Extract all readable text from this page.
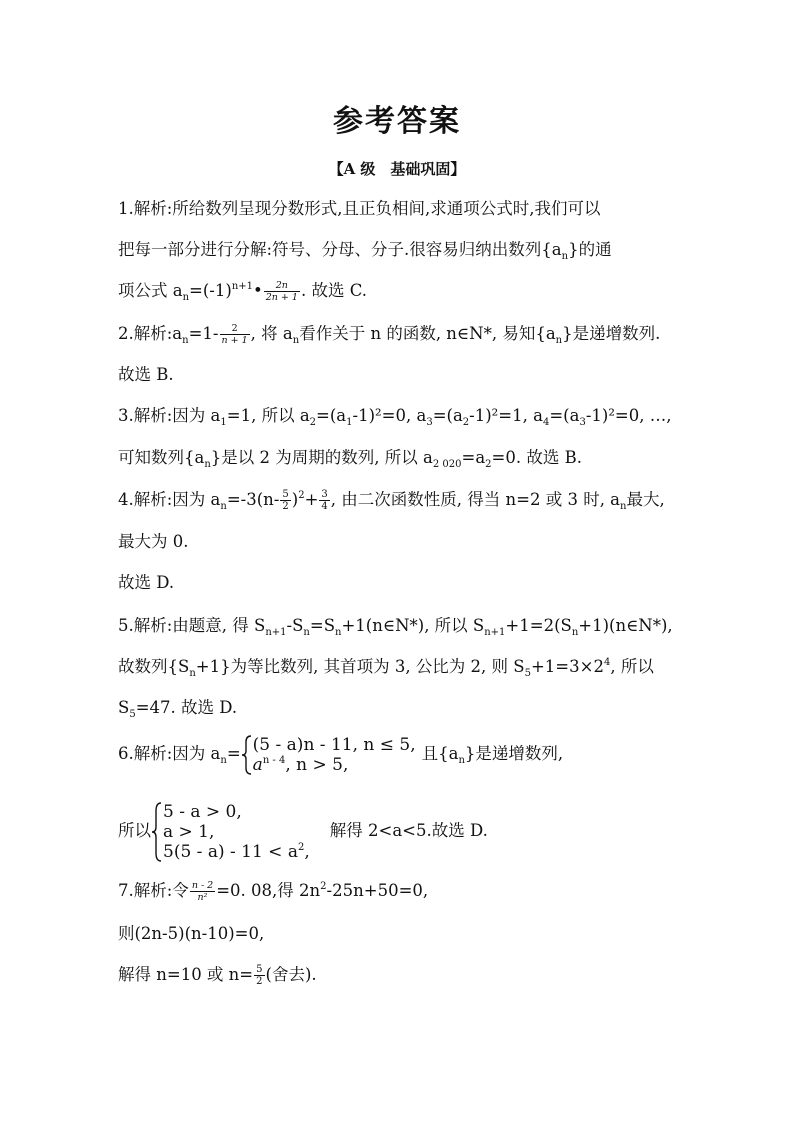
参考答案
【A 级　基础巩固】
1.解析:所给数列呈现分数形式,且正负相间,求通项公式时,我们可以
把每一部分进行分解:符号、分母、分子.很容易归纳出数列$\{a_n\}$的通
项公式 $a_n=(-1)^{n+1}• \frac{2n}{2n + 1}$ . 故选 C.
2.解析$:a_n=1- \frac{2}{n + 1}$ , 将 $a_n$看作关于 n 的函数, n∈N*, 易知$\{a_n\}$是递增数列.
故选 B.
3.解析:因为 $a_1=1$, 所以 $a_2=(a_1-1)^2=0$, $a_3=(a_2-1)^2=1$, $a_4=(a_3-1)^2=0$, …,
可知数列$\{a_n\}$是以 2 为周期的数列, 所以 $a_{2 020}=a_2=0$. 故选 B.
4.解析:因为 $a_n=-3(n- \frac{5}{2} )^2+ \frac{3}{4}$ , 由二次函数性质, 得当 n=2 或 3 时, $a_n$最大,
最大为 0.
故选 D.
5.解析:由题意, 得 $S_{n+1}-S_n=S_n+1(n\in N*)$, 所以 $S_{n+1}+1=2(S_n+1)(n\in N*)$,
故数列$\{S_n+1\}$为等比数列, 其首项为 3, 公比为 2, 则 $S_5+1=3\times 2^4$, 所以
$S_5=47$. 故选 D.
6.解析:因为 $a_n= (5 - a)n - 11$, n ≤ 5,
$a^{n - 4}$, n > 5,
且$\{a_n\}$是递增数列,
所以
5 - a > 0,
a > 1,
$5(5 - a) - 11 < a^2$,
解得 2<a<5.故选 D.
7.解析:令 $\frac{n - 2}{\text{n²}} =0$. 08,得 $2n^2-25n+50=0$,
则(2n-5)(n-10)=0,
解得 n=10 或 $n= \frac{5}{2}$ (舍去).
